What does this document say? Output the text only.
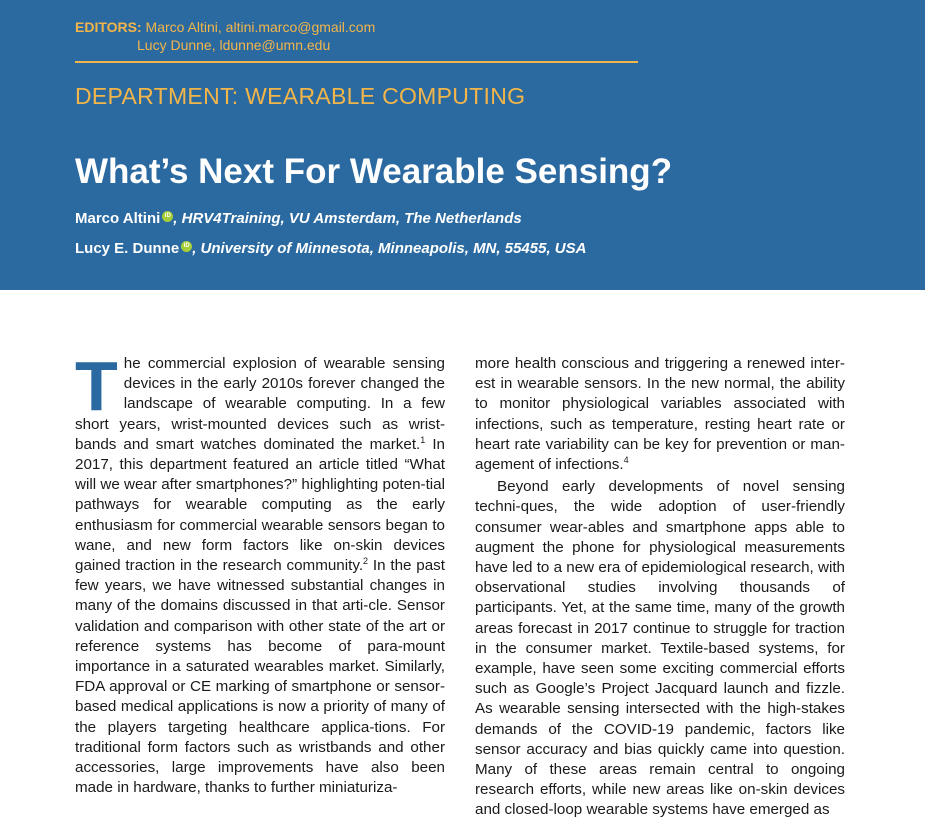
EDITORS: Marco Altini, altini.marco@gmail.com
Lucy Dunne, ldunne@umn.edu
DEPARTMENT: WEARABLE COMPUTING
What’s Next For Wearable Sensing?
Marco Altini iD , HRV4Training, VU Amsterdam, The Netherlands
Lucy E. Dunne iD , University of Minnesota, Minneapolis, MN, 55455, USA

The commercial explosion of wearable sensing devices in the early 2010s forever changed the landscape of wearable computing. In a few short years, wrist-mounted devices such as wrist-bands and smart watches dominated the market.$^1$ In 2017, this department featured an article titled “What will we wear after smartphones?” highlighting poten-tial pathways for wearable computing as the early enthusiasm for commercial wearable sensors began to wane, and new form factors like on-skin devices gained traction in the research community.$^2$ In the past few years, we have witnessed substantial changes in many of the domains discussed in that arti-cle. Sensor validation and comparison with other state of the art or reference systems has become of para-mount importance in a saturated wearables market. Similarly, FDA approval or CE marking of smartphone or sensor-based medical applications is now a priority of many of the players targeting healthcare applica-tions. For traditional form factors such as wristbands and other accessories, large improvements have also been made in hardware, thanks to further miniaturiza-

more health conscious and triggering a renewed inter-est in wearable sensors. In the new normal, the ability to monitor physiological variables associated with infections, such as temperature, resting heart rate or heart rate variability can be key for prevention or man-agement of infections.$^4$

Beyond early developments of novel sensing techni-ques, the wide adoption of user-friendly consumer wear-ables and smartphone apps able to augment the phone for physiological measurements have led to a new era of epidemiological research, with observational studies involving thousands of participants. Yet, at the same time, many of the growth areas forecast in 2017 continue to struggle for traction in the consumer market. Textile-based systems, for example, have seen some exciting commercial efforts such as Google’s Project Jacquard launch and fizzle. As wearable sensing intersected with the high-stakes demands of the COVID-19 pandemic, factors like sensor accuracy and bias quickly came into question. Many of these areas remain central to ongoing research efforts, while new areas like on-skin devices and closed-loop wearable systems have emerged as
